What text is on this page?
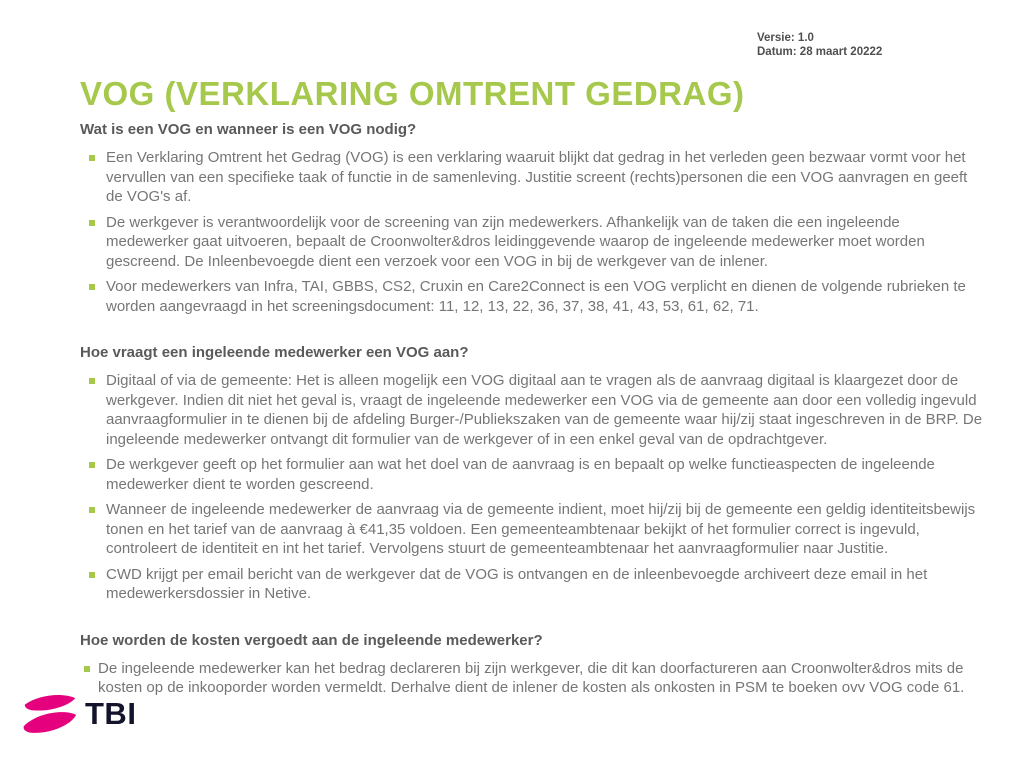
Versie: 1.0
Datum: 28 maart 20222
VOG (VERKLARING OMTRENT GEDRAG)
Wat is een VOG en wanneer is een VOG nodig?
Een Verklaring Omtrent het Gedrag (VOG) is een verklaring waaruit blijkt dat gedrag in het verleden geen bezwaar vormt voor het vervullen van een specifieke taak of functie in de samenleving. Justitie screent (rechts)personen die een VOG aanvragen en geeft de VOG's af.
De werkgever is verantwoordelijk voor de screening van zijn medewerkers. Afhankelijk van de taken die een ingeleende medewerker gaat uitvoeren, bepaalt de Croonwolter&dros leidinggevende waarop de ingeleende medewerker moet worden gescreend. De Inleenbevoegde dient een verzoek voor een VOG in bij de werkgever van de inlener.
Voor medewerkers van Infra, TAI, GBBS, CS2, Cruxin en Care2Connect is een VOG verplicht en dienen de volgende rubrieken te worden aangevraagd in het screeningsdocument: 11, 12, 13, 22, 36, 37, 38, 41, 43, 53, 61, 62, 71.
Hoe vraagt een ingeleende medewerker een VOG aan?
Digitaal of via de gemeente: Het is alleen mogelijk een VOG digitaal aan te vragen als de aanvraag digitaal is klaargezet door de werkgever. Indien dit niet het geval is, vraagt de ingeleende medewerker een VOG via de gemeente aan door een volledig ingevuld aanvraagformulier in te dienen bij de afdeling Burger-/Publiekszaken van de gemeente waar hij/zij staat ingeschreven in de BRP. De ingeleende medewerker ontvangt dit formulier van de werkgever of in een enkel geval van de opdrachtgever.
De werkgever geeft op het formulier aan wat het doel van de aanvraag is en bepaalt op welke functieaspecten de ingeleende medewerker dient te worden gescreend.
Wanneer de ingeleende medewerker de aanvraag via de gemeente indient, moet hij/zij bij de gemeente een geldig identiteitsbewijs tonen en het tarief van de aanvraag à €41,35 voldoen. Een gemeenteambtenaar bekijkt of het formulier correct is ingevuld, controleert de identiteit en int het tarief. Vervolgens stuurt de gemeenteambtenaar het aanvraagformulier naar Justitie.
CWD krijgt per email bericht van de werkgever dat de VOG is ontvangen en de inleenbevoegde archiveert deze email in het medewerkersdossier in Netive.
Hoe worden de kosten vergoedt aan de ingeleende medewerker?
De ingeleende medewerker kan het bedrag declareren bij zijn werkgever, die dit kan doorfactureren aan Croonwolter&dros mits de kosten op de inkooporder worden vermeldt. Derhalve dient de inlener de kosten als onkosten in PSM te boeken ovv VOG code 61.
TBI
